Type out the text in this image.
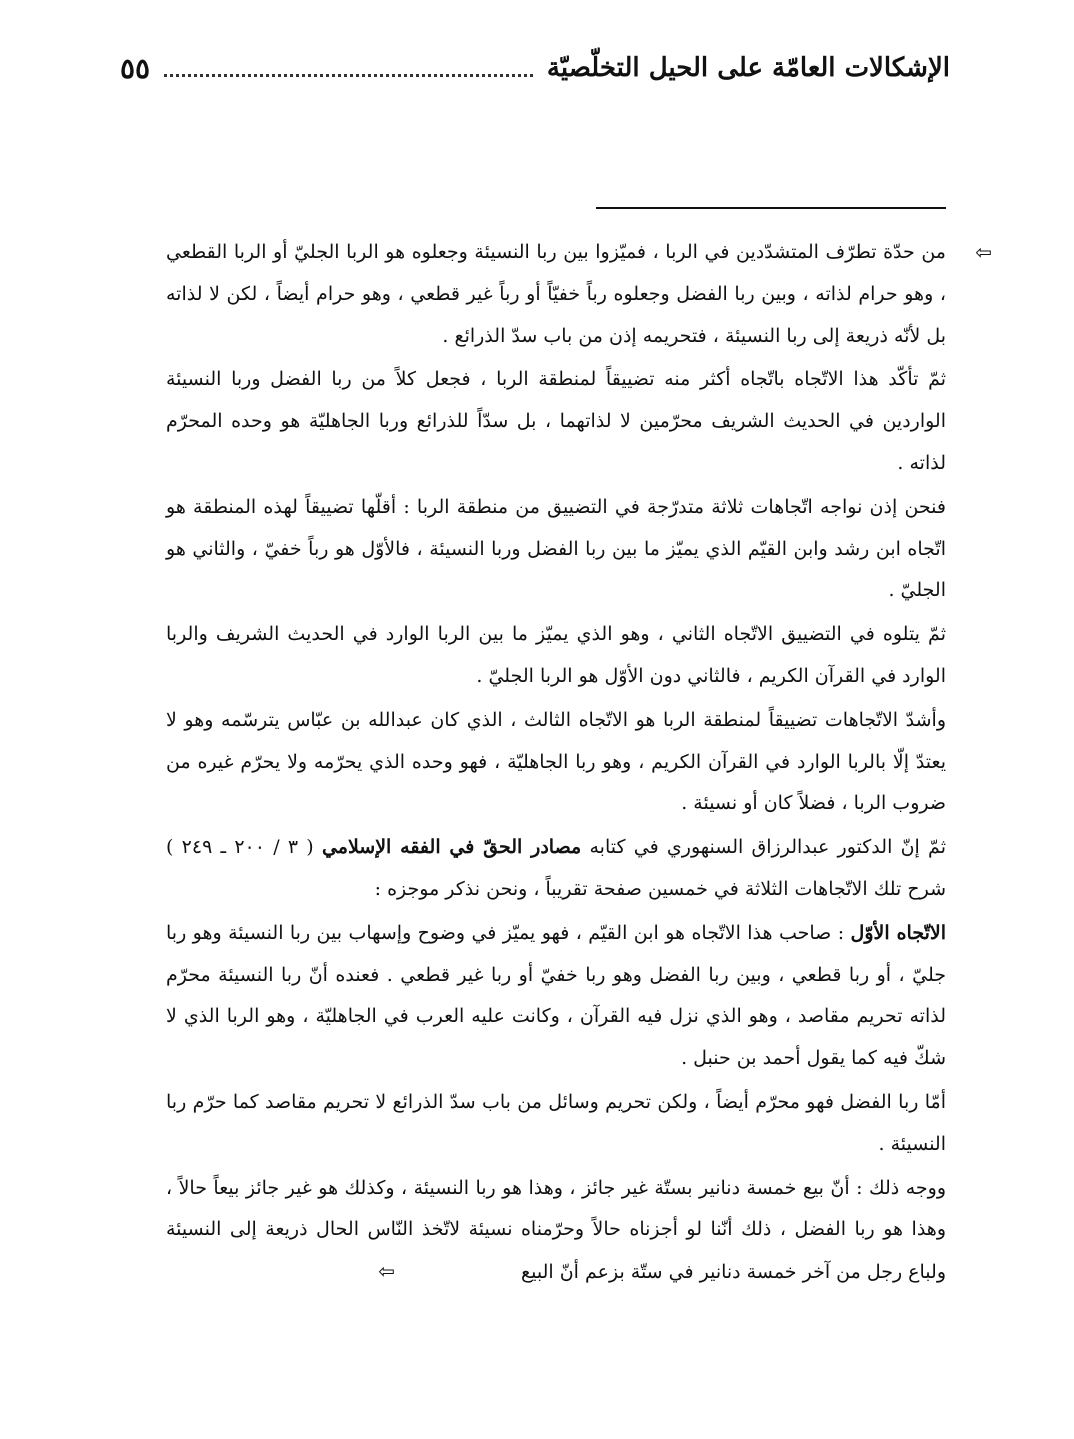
الإشكالات العامّة على الحيل التخلّصيّة
٥٥

⇦
من حدّة تطرّف المتشدّدين في الربا ، فميّزوا بين ربا النسيئة وجعلوه هو الربا الجليّ أو الربا القطعي ، وهو حرام لذاته ، وبين ربا الفضل وجعلوه رباً خفيّاً أو رباً غير قطعي ، وهو حرام أيضاً ، لكن لا لذاته بل لأنّه ذريعة إلى ربا النسيئة ، فتحريمه إذن من باب سدّ الذرائع .

ثمّ تأكّد هذا الاتّجاه باتّجاه أكثر منه تضييقاً لمنطقة الربا ، فجعل كلاً من ربا الفضل وربا النسيئة الواردين في الحديث الشريف محرّمين لا لذاتهما ، بل سدّاً للذرائع وربا الجاهليّة هو وحده المحرّم لذاته .

فنحن إذن نواجه اتّجاهات ثلاثة متدرّجة في التضييق من منطقة الربا : أقلّها تضييقاً لهذه المنطقة هو اتّجاه ابن رشد وابن القيّم الذي يميّز ما بين ربا الفضل وربا النسيئة ، فالأوّل هو رباً خفيّ ، والثاني هو الجليّ .

ثمّ يتلوه في التضييق الاتّجاه الثاني ، وهو الذي يميّز ما بين الربا الوارد في الحديث الشريف والربا الوارد في القرآن الكريم ، فالثاني دون الأوّل هو الربا الجليّ .

وأشدّ الاتّجاهات تضييقاً لمنطقة الربا هو الاتّجاه الثالث ، الذي كان عبدالله بن عبّاس يترسّمه وهو لا يعتدّ إلّا بالربا الوارد في القرآن الكريم ، وهو ربا الجاهليّة ، فهو وحده الذي يحرّمه ولا يحرّم غيره من ضروب الربا ، فضلاً كان أو نسيئة .

ثمّ إنّ الدكتور عبدالرزاق السنهوري في كتابه مصادر الحقّ في الفقه الإسلامي ( ٣ / ٢٠٠ ـ ٢٤٩ ) شرح تلك الاتّجاهات الثلاثة في خمسين صفحة تقريباً ، ونحن نذكر موجزه :

الاتّجاه الأوّل : صاحب هذا الاتّجاه هو ابن القيّم ، فهو يميّز في وضوح وإسهاب بين ربا النسيئة وهو ربا جليّ ، أو ربا قطعي ، وبين ربا الفضل وهو ربا خفيّ أو ربا غير قطعي . فعنده أنّ ربا النسيئة محرّم لذاته تحريم مقاصد ، وهو الذي نزل فيه القرآن ، وكانت عليه العرب في الجاهليّة ، وهو الربا الذي لا شكّ فيه كما يقول أحمد بن حنبل .

أمّا ربا الفضل فهو محرّم أيضاً ، ولكن تحريم وسائل من باب سدّ الذرائع لا تحريم مقاصد كما حرّم ربا النسيئة .

ووجه ذلك : أنّ بيع خمسة دنانير بستّة غير جائز ، وهذا هو ربا النسيئة ، وكذلك هو غير جائز بيعاً حالاً ، وهذا هو ربا الفضل ، ذلك أنّنا لو أجزناه حالاً وحرّمناه نسيئة لاتّخذ النّاس الحال ذريعة إلى النسيئة ولباع رجل من آخر خمسة دنانير في ستّة بزعم أنّ البيع ⇦
